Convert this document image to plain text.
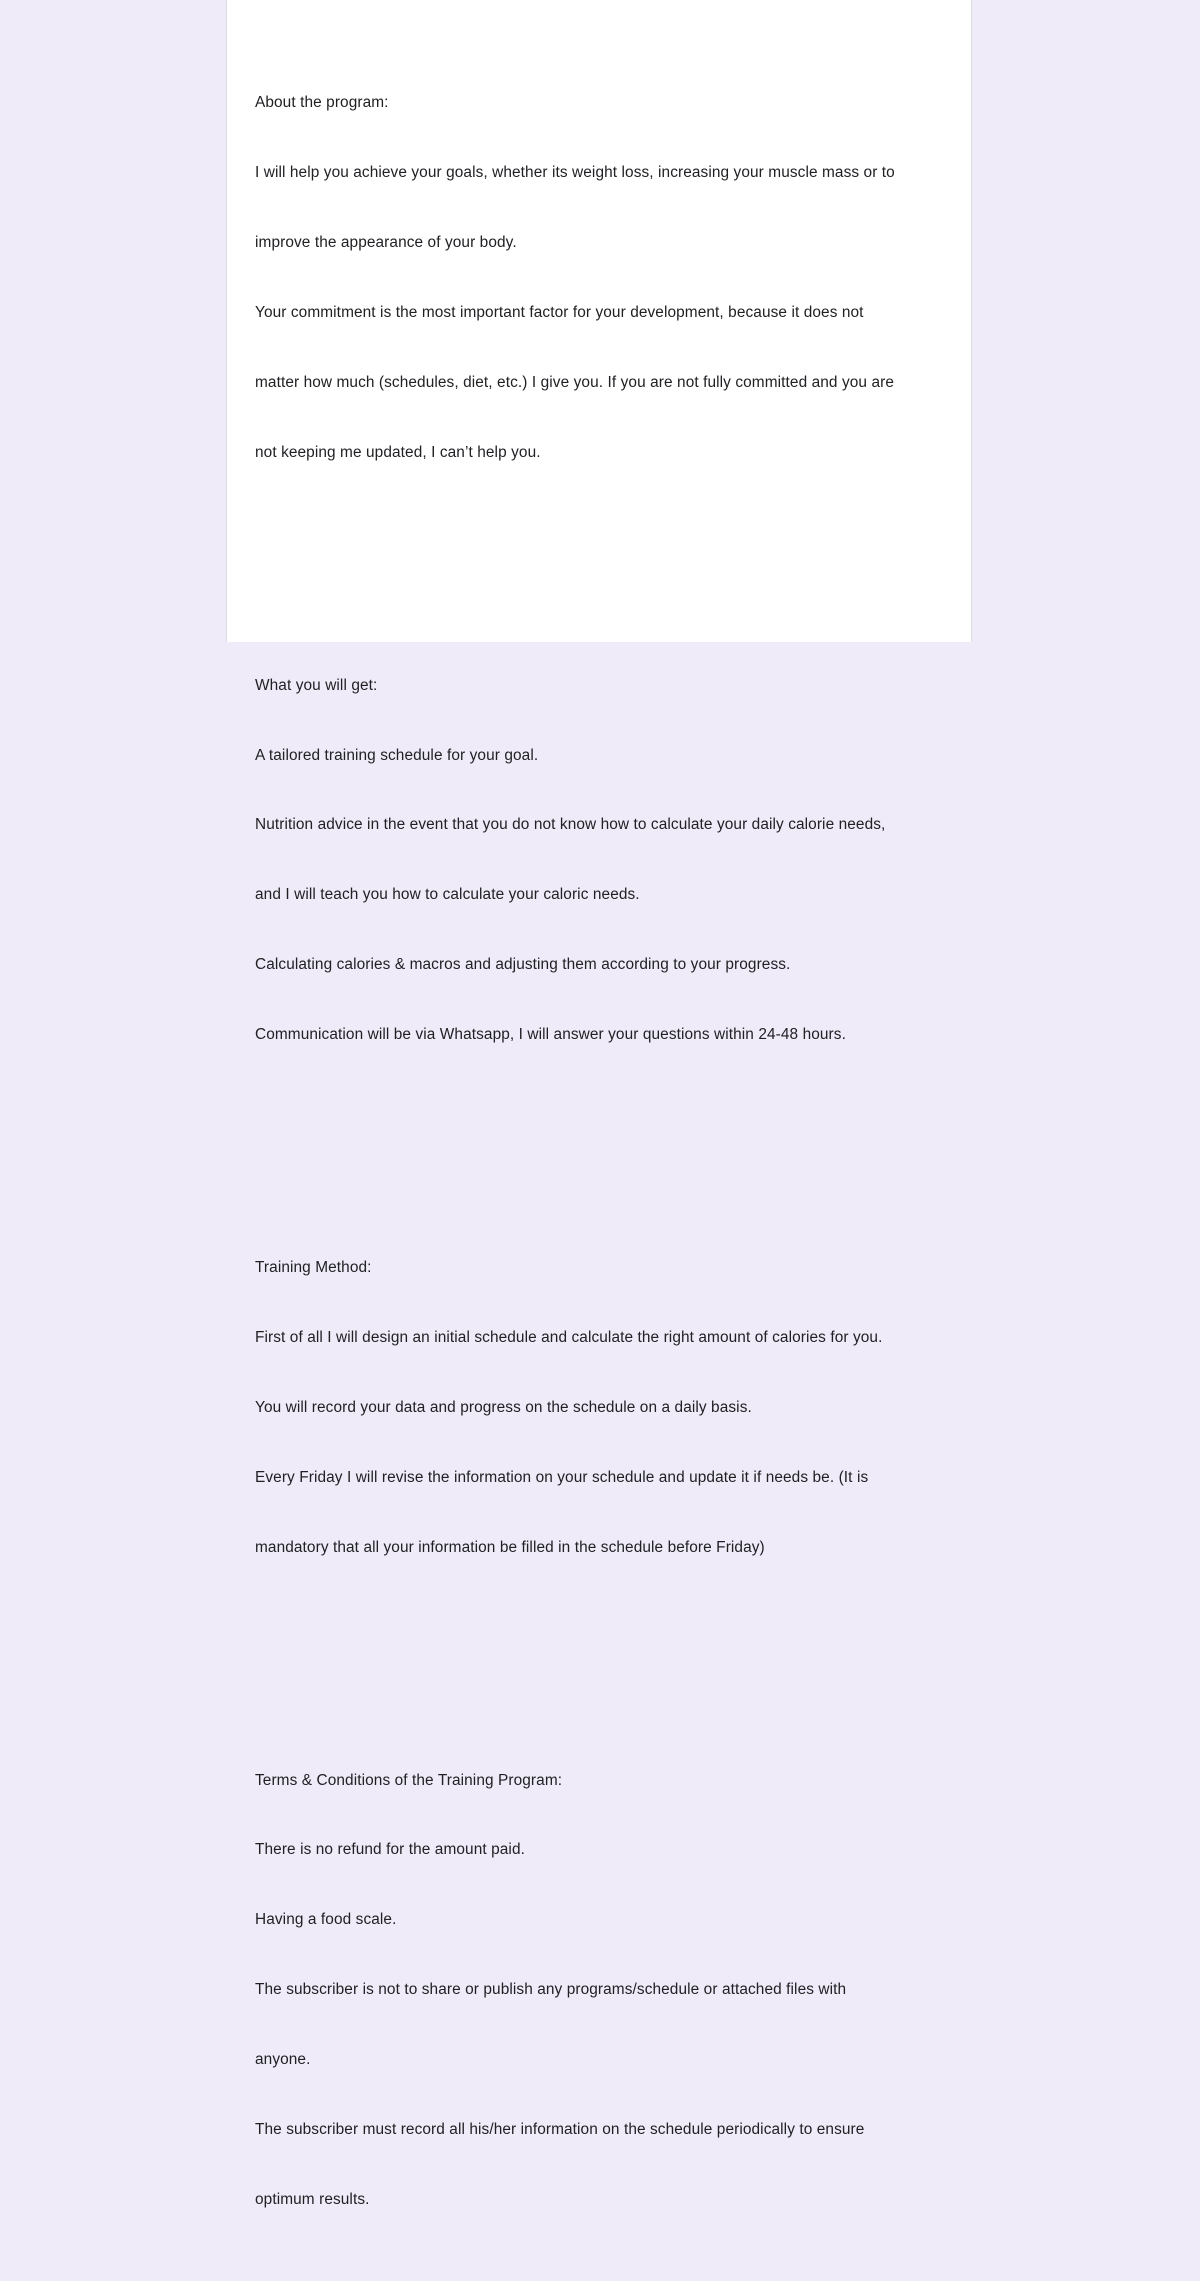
About the program:

I will help you achieve your goals, whether its weight loss, increasing your muscle mass or to

improve the appearance of your body.

Your commitment is the most important factor for your development, because it does not

matter how much (schedules, diet, etc.) I give you. If you are not fully committed and you are

not keeping me updated, I can’t help you.

What you will get:

A tailored training schedule for your goal.

Nutrition advice in the event that you do not know how to calculate your daily calorie needs,

and I will teach you how to calculate your caloric needs.

Calculating calories & macros and adjusting them according to your progress.

Communication will be via Whatsapp, I will answer your questions within 24-48 hours.

Training Method:

First of all I will design an initial schedule and calculate the right amount of calories for you.

You will record your data and progress on the schedule on a daily basis.

Every Friday I will revise the information on your schedule and update it if needs be. (It is

mandatory that all your information be filled in the schedule before Friday)

Terms & Conditions of the Training Program:

There is no refund for the amount paid.

Having a food scale.

The subscriber is not to share or publish any programs/schedule or attached files with

anyone.

The subscriber must record all his/her information on the schedule periodically to ensure

optimum results.
